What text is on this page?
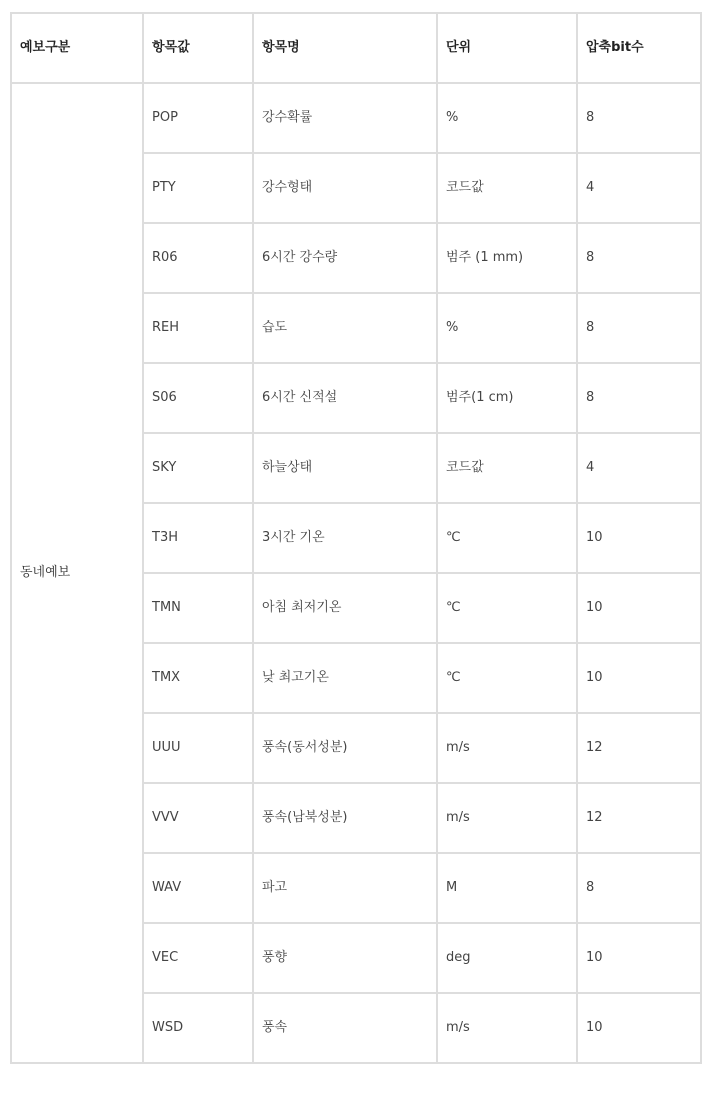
예보구분	항목값	항목명	단위	압축bit수
동네예보	POP	강수확률	%	8
	PTY	강수형태	코드값	4
	R06	6시간 강수량	범주 (1 mm)	8
	REH	습도	%	8
	S06	6시간 신적설	범주(1 cm)	8
	SKY	하늘상태	코드값	4
	T3H	3시간 기온	℃	10
	TMN	아침 최저기온	℃	10
	TMX	낮 최고기온	℃	10
	UUU	풍속(동서성분)	m/s	12
	VVV	풍속(남북성분)	m/s	12
	WAV	파고	M	8
	VEC	풍향	deg	10
	WSD	풍속	m/s	10
